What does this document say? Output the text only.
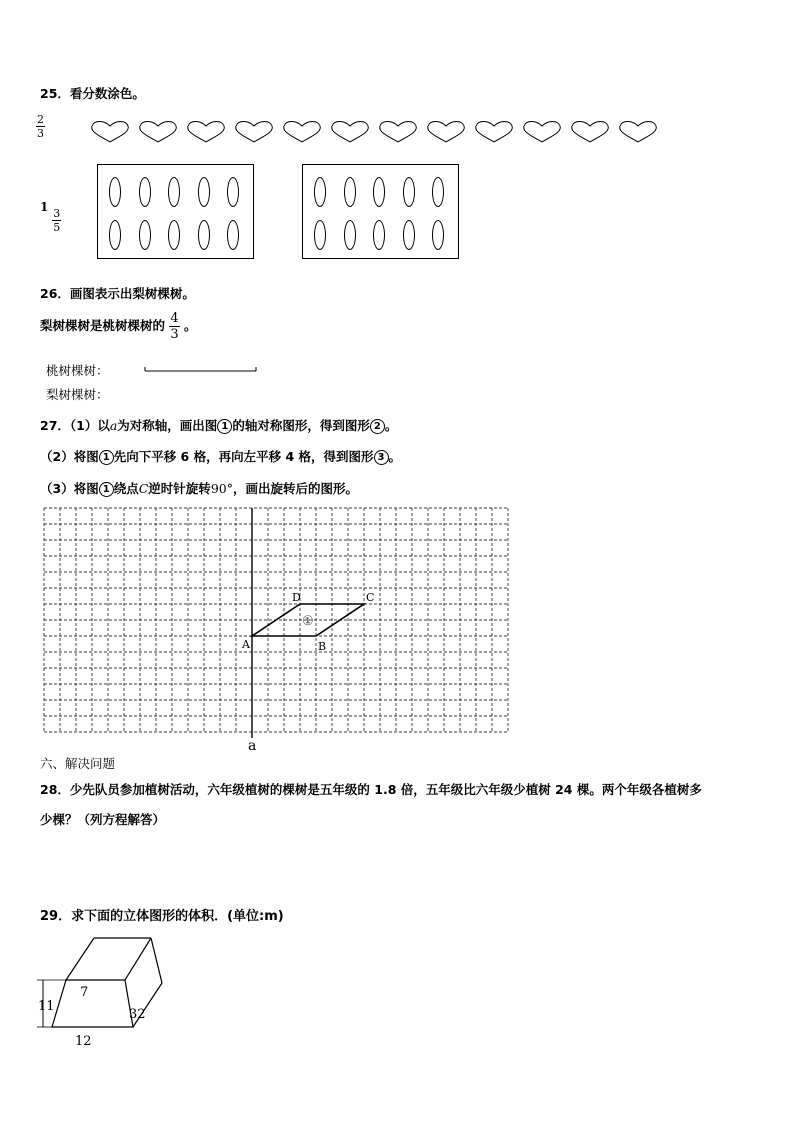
25．看分数涂色。
$\frac{2}{3}$
1
$\frac{3}{5}$
26．画图表示出梨树棵树。
梨树棵树是桃树棵树的 $\frac{4}{3}$ 。
桃树棵树：
梨树棵树：
27．（1）以a为对称轴，画出图 1 的轴对称图形，得到图形 2 。
（2）将图 1 先向下平移 6 格，再向左平移 4 格，得到图形 3 。
（3）将图 1 绕点C逆时针旋转90°，画出旋转后的图形。
a
A	B
C
D
①
六、解决问题
28．少先队员参加植树活动，六年级植树的棵树是五年级的 1.8 倍，五年级比六年级少植树 24 棵。两个年级各植树多
少棵？（列方程解答）
29．求下面的立体图形的体积．(单位:m)
7
11
12
32
